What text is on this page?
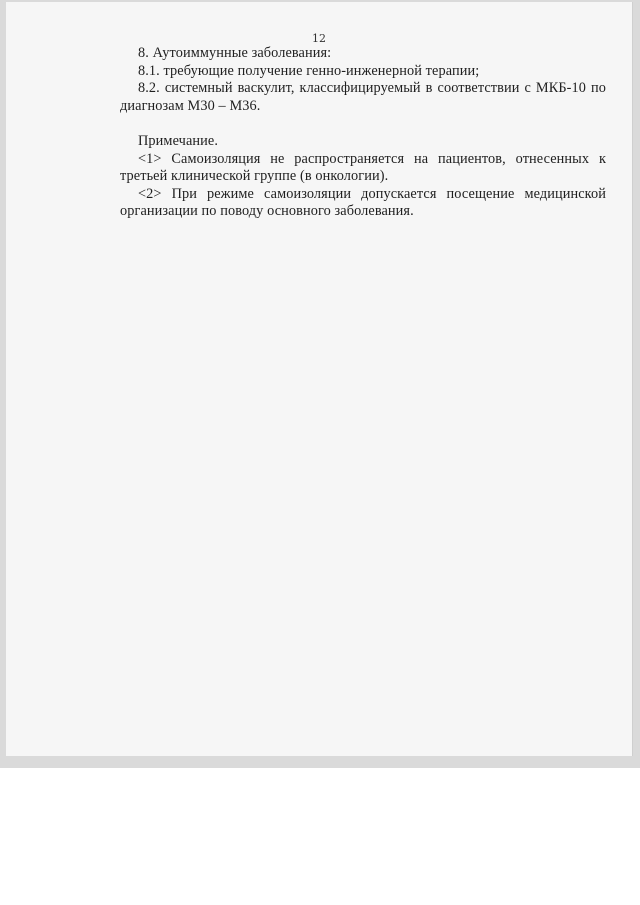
12

8. Аутоиммунные заболевания:

8.1. требующие получение генно-инженерной терапии;

8.2. системный васкулит, классифицируемый в соответствии с МКБ-10 по диагнозам M30 – M36.

Примечание.

<1> Самоизоляция не распространяется на пациентов, отнесенных к третьей клинической группе (в онкологии).

<2> При режиме самоизоляции допускается посещение медицинской организации по поводу основного заболевания.
